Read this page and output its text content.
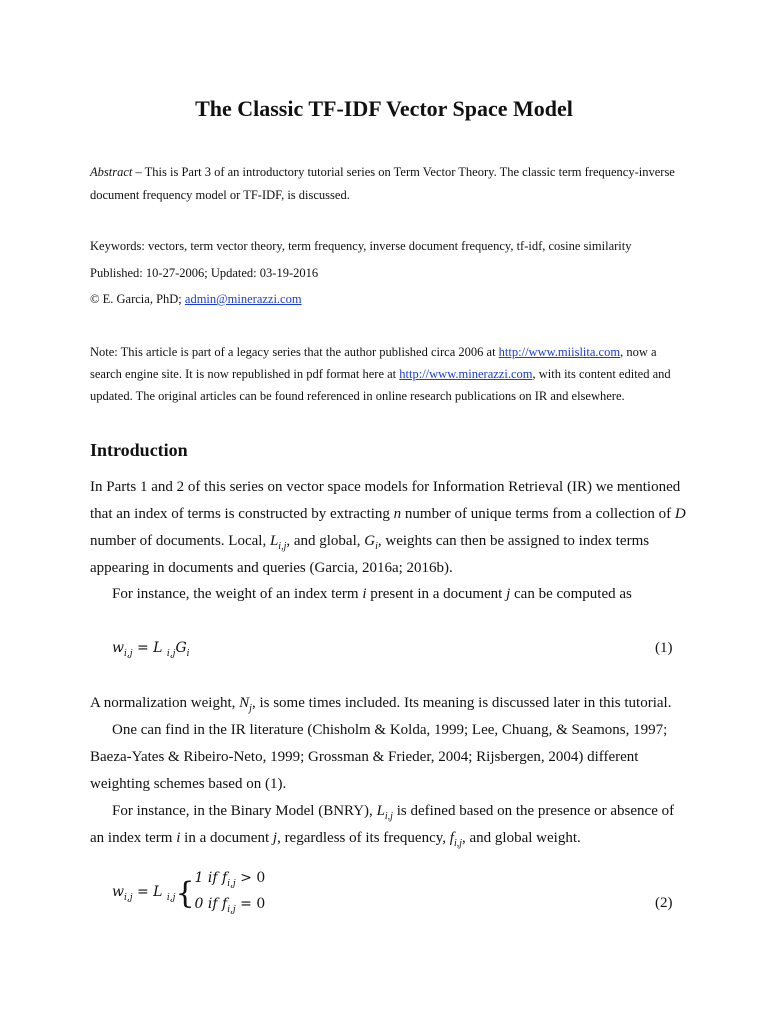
The Classic TF-IDF Vector Space Model
Abstract – This is Part 3 of an introductory tutorial series on Term Vector Theory. The classic term frequency-inverse
document frequency model or TF-IDF, is discussed.
Keywords: vectors, term vector theory, term frequency, inverse document frequency, tf-idf, cosine similarity
Published: 10-27-2006; Updated: 03-19-2016
© E. Garcia, PhD; admin@minerazzi.com
Note: This article is part of a legacy series that the author published circa 2006 at http://www.miislita.com, now a
search engine site. It is now republished in pdf format here at http://www.minerazzi.com, with its content edited and
updated. The original articles can be found referenced in online research publications on IR and elsewhere.
Introduction
In Parts 1 and 2 of this series on vector space models for Information Retrieval (IR) we mentioned
that an index of terms is constructed by extracting n number of unique terms from a collection of D
number of documents. Local, $L_{i,j}$, and global, $G_i$, weights can then be assigned to index terms
appearing in documents and queries (Garcia, 2016a; 2016b).
For instance, the weight of an index term i present in a document j can be computed as
$w_{i,j} = L$ $_{i,j}G_i$	(1)
A normalization weight, $N_j$, is some times included. Its meaning is discussed later in this tutorial.
One can find in the IR literature (Chisholm & Kolda, 1999; Lee, Chuang, & Seamons, 1997;
Baeza-Yates & Ribeiro-Neto, 1999; Grossman & Frieder, 2004; Rijsbergen, 2004) different
weighting schemes based on (1).
For instance, in the Binary Model (BNRY), $L_{i,j}$ is defined based on the presence or absence of
an index term i in a document j, regardless of its frequency, $f_{i,j}$, and global weight.
$w_{i,j} = L$ $_{i,j}${ 1 if $f_{i,j} > 0$
0 if $f_{i,j} = 0$	(2)
